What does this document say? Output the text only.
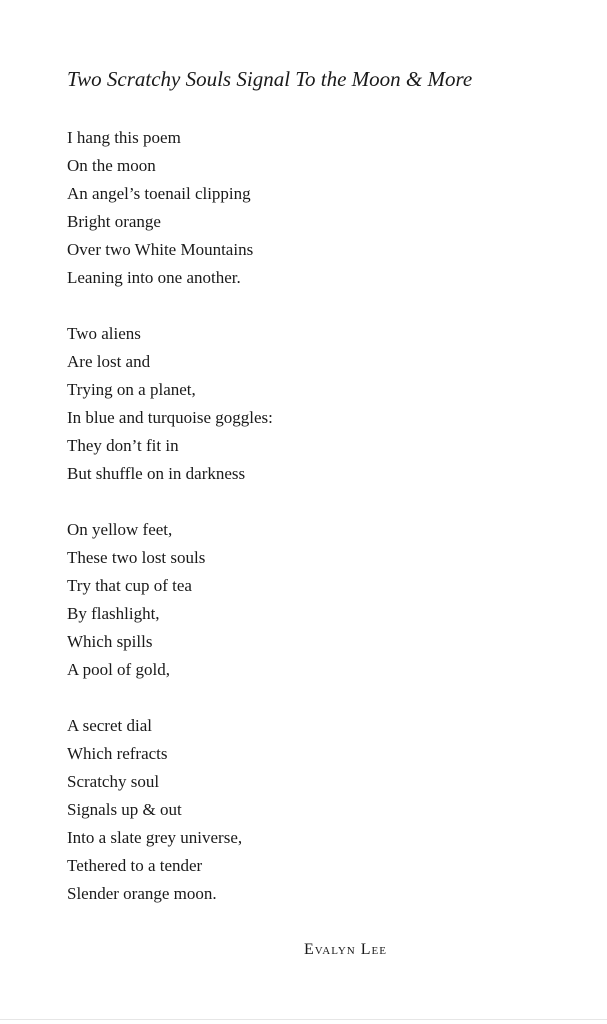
Two Scratchy Souls Signal To the Moon & More
I hang this poem
On the moon
An angel’s toenail clipping
Bright orange
Over two White Mountains
Leaning into one another.
Two aliens
Are lost and
Trying on a planet,
In blue and turquoise goggles:
They don’t fit in
But shuffle on in darkness
On yellow feet,
These two lost souls
Try that cup of tea
By flashlight,
Which spills
A pool of gold,
A secret dial
Which refracts
Scratchy soul
Signals up & out
Into a slate grey universe,
Tethered to a tender
Slender orange moon.

Evalyn Lee
